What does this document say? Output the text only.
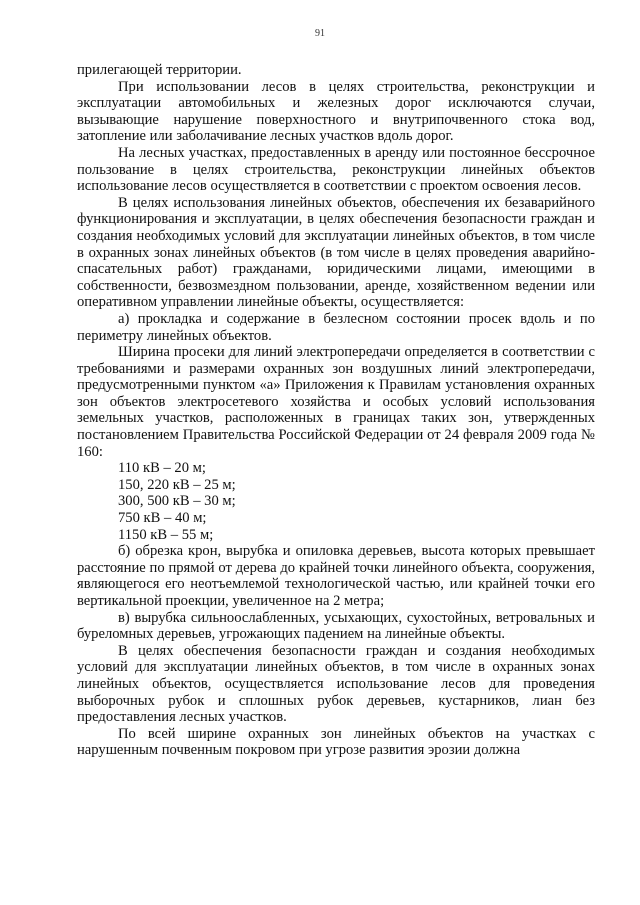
91

прилегающей территории.

При использовании лесов в целях строительства, реконструкции и эксплуатации автомобильных и железных дорог исключаются случаи, вызывающие нарушение поверхностного и внутрипочвенного стока вод, затопление или заболачивание лесных участков вдоль дорог.

На лесных участках, предоставленных в аренду или постоянное бессрочное пользование в целях строительства, реконструкции линейных объектов использование лесов осуществляется в соответствии с проектом освоения лесов.

В целях использования линейных объектов, обеспечения их безаварийного функционирования и эксплуатации, в целях обеспечения безопасности граждан и создания необходимых условий для эксплуатации линейных объектов, в том числе в охранных зонах линейных объектов (в том числе в целях проведения аварийно-спасательных работ) гражданами, юридическими лицами, имеющими в собственности, безвозмездном пользовании, аренде, хозяйственном ведении или оперативном управлении линейные объекты, осуществляется:

а) прокладка и содержание в безлесном состоянии просек вдоль и по периметру линейных объектов.

Ширина просеки для линий электропередачи определяется в соответствии с требованиями и размерами охранных зон воздушных линий электропередачи, предусмотренными пунктом «а» Приложения к Правилам установления охранных зон объектов электросетевого хозяйства и особых условий использования земельных участков, расположенных в границах таких зон, утвержденных постановлением Правительства Российской Федерации от 24 февраля 2009 года № 160:

110 кВ – 20 м;

150, 220 кВ – 25 м;

300, 500 кВ – 30 м;

750 кВ – 40 м;

1150 кВ – 55 м;

б) обрезка крон, вырубка и опиловка деревьев, высота которых превышает расстояние по прямой от дерева до крайней точки линейного объекта, сооружения, являющегося его неотъемлемой технологической частью, или крайней точки его вертикальной проекции, увеличенное на 2 метра;

в) вырубка сильноослабленных, усыхающих, сухостойных, ветровальных и буреломных деревьев, угрожающих падением на линейные объекты.

В целях обеспечения безопасности граждан и создания необходимых условий для эксплуатации линейных объектов, в том числе в охранных зонах линейных объектов, осуществляется использование лесов для проведения выборочных рубок и сплошных рубок деревьев, кустарников, лиан без предоставления лесных участков.

По всей ширине охранных зон линейных объектов на участках с нарушенным почвенным покровом при угрозе развития эрозии должна
